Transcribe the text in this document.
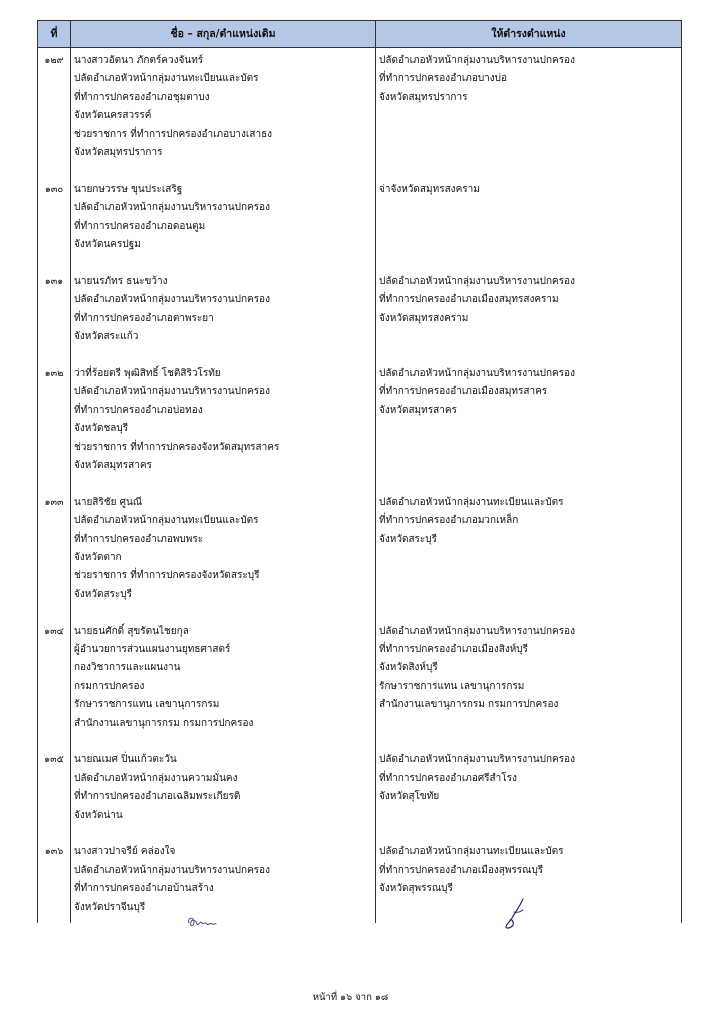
ที่	ชื่อ – สกุล/ตำแหน่งเดิม	ให้ดำรงตำแหน่ง
๑๒๙	นางสาวอัตนา ภักตร์ควงจันทร์	ปลัดอำเภอหัวหน้ากลุ่มงานบริหารงานปกครอง
	ปลัดอำเภอหัวหน้ากลุ่มงานทะเบียนและบัตร	ที่ทำการปกครองอำเภอบางบ่อ
	ที่ทำการปกครองอำเภอชุมตาบง	จังหวัดสมุทรปราการ
	จังหวัดนครสวรรค์	
	ช่วยราชการ ที่ทำการปกครองอำเภอบางเสาธง	
	จังหวัดสมุทรปราการ	

๑๓๐	นายกษวรรษ ขุนประเสริฐ	จ่าจังหวัดสมุทรสงคราม
	ปลัดอำเภอหัวหน้ากลุ่มงานบริหารงานปกครอง	
	ที่ทำการปกครองอำเภอดอนตูม	
	จังหวัดนครปฐม	

๑๓๑	นายนรภัทร ธนะขว้าง	ปลัดอำเภอหัวหน้ากลุ่มงานบริหารงานปกครอง
	ปลัดอำเภอหัวหน้ากลุ่มงานบริหารงานปกครอง	ที่ทำการปกครองอำเภอเมืองสมุทรสงคราม
	ที่ทำการปกครองอำเภอตาพระยา	จังหวัดสมุทรสงคราม
	จังหวัดสระแก้ว	

๑๓๒	ว่าที่ร้อยตรี พุฒิสิทธิ์ โชติสิริวโรทัย	ปลัดอำเภอหัวหน้ากลุ่มงานบริหารงานปกครอง
	ปลัดอำเภอหัวหน้ากลุ่มงานบริหารงานปกครอง	ที่ทำการปกครองอำเภอเมืองสมุทรสาคร
	ที่ทำการปกครองอำเภอบ่อทอง	จังหวัดสมุทรสาคร
	จังหวัดชลบุรี	
	ช่วยราชการ ที่ทำการปกครองจังหวัดสมุทรสาคร	
	จังหวัดสมุทรสาคร	

๑๓๓	นายสิริชัย ศูนณี	ปลัดอำเภอหัวหน้ากลุ่มงานทะเบียนและบัตร
	ปลัดอำเภอหัวหน้ากลุ่มงานทะเบียนและบัตร	ที่ทำการปกครองอำเภอมวกเหล็ก
	ที่ทำการปกครองอำเภอพบพระ	จังหวัดสระบุรี
	จังหวัดตาก	
	ช่วยราชการ ที่ทำการปกครองจังหวัดสระบุรี	
	จังหวัดสระบุรี	

๑๓๔	นายธนศักดิ์ สุขรัตนไชยกุล	ปลัดอำเภอหัวหน้ากลุ่มงานบริหารงานปกครอง
	ผู้อำนวยการส่วนแผนงานยุทธศาสตร์	ที่ทำการปกครองอำเภอเมืองสิงห์บุรี
	กองวิชาการและแผนงาน	จังหวัดสิงห์บุรี
	กรมการปกครอง	รักษาราชการแทน เลขานุการกรม
	รักษาราชการแทน เลขานุการกรม	สำนักงานเลขานุการกรม กรมการปกครอง
	สำนักงานเลขานุการกรม กรมการปกครอง	

๑๓๕	นายณเมศ ปิ่นแก้วตะวัน	ปลัดอำเภอหัวหน้ากลุ่มงานบริหารงานปกครอง
	ปลัดอำเภอหัวหน้ากลุ่มงานความมั่นคง	ที่ทำการปกครองอำเภอศรีสำโรง
	ที่ทำการปกครองอำเภอเฉลิมพระเกียรติ	จังหวัดสุโขทัย
	จังหวัดน่าน	

๑๓๖	นางสาวปาจรีย์ คล่องใจ	ปลัดอำเภอหัวหน้ากลุ่มงานทะเบียนและบัตร
	ปลัดอำเภอหัวหน้ากลุ่มงานบริหารงานปกครอง	ที่ทำการปกครองอำเภอเมืองสุพรรณบุรี
	ที่ทำการปกครองอำเภอบ้านสร้าง	จังหวัดสุพรรณบุรี
	จังหวัดปราจีนบุรี	

หน้าที่ ๑๖ จาก ๑๘
